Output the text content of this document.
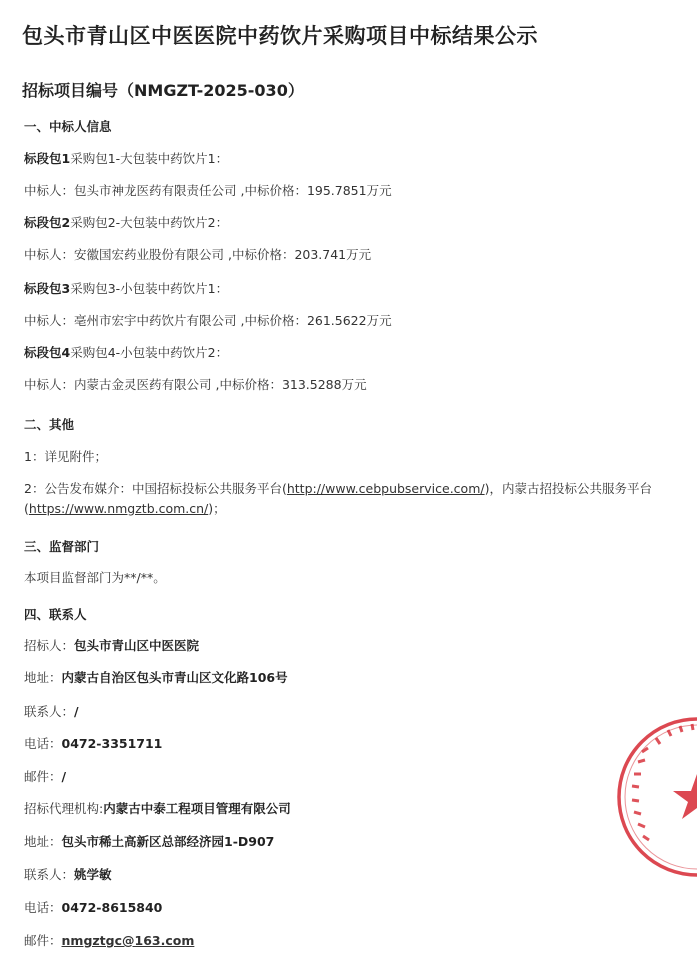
包头市青山区中医医院中药饮片采购项目中标结果公示
招标项目编号（NMGZT-2025-030）
一、中标人信息
标段包1采购包1-大包装中药饮片1：
中标人：包头市神龙医药有限责任公司 ,中标价格：195.7851万元
标段包2采购包2-大包装中药饮片2：
中标人：安徽国宏药业股份有限公司 ,中标价格：203.741万元
标段包3采购包3-小包装中药饮片1：
中标人：亳州市宏宇中药饮片有限公司 ,中标价格：261.5622万元
标段包4采购包4-小包装中药饮片2：
中标人：内蒙古金灵医药有限公司 ,中标价格：313.5288万元
二、其他
1：详见附件；
2：公告发布媒介：中国招标投标公共服务平台(http://www.cebpubservice.com/)，内蒙古招投标公共服务平台
(https://www.nmgztb.com.cn/)；
三、监督部门
本项目监督部门为**/**。
四、联系人
招标人：包头市青山区中医医院
地址：内蒙古自治区包头市青山区文化路106号
联系人：/
电话：0472-3351711
邮件：/
招标代理机构:内蒙古中泰工程项目管理有限公司
地址：包头市稀土高新区总部经济园1-D907
联系人：姚学敏
电话：0472-8615840
邮件：nmgztgc@163.com
